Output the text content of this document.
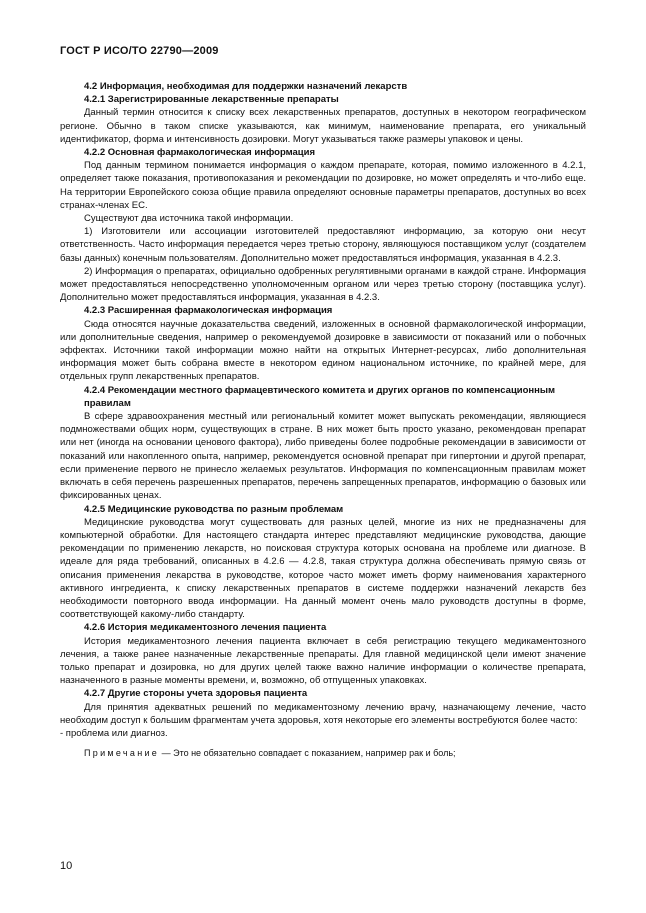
ГОСТ Р ИСО/ТО 22790—2009
4.2 Информация, необходимая для поддержки назначений лекарств
4.2.1 Зарегистрированные лекарственные препараты

Данный термин относится к списку всех лекарственных препаратов, доступных в некотором географическом регионе. Обычно в таком списке указываются, как минимум, наименование препарата, его уникальный идентификатор, форма и интенсивность дозировки. Могут указываться также размеры упаковок и цены.

4.2.2 Основная фармакологическая информация

Под данным термином понимается информация о каждом препарате, которая, помимо изложенного в 4.2.1, определяет также показания, противопоказания и рекомендации по дозировке, но может определять и что-либо еще. На территории Европейского союза общие правила определяют основные параметры препаратов, доступных во всех странах-членах ЕС.

Существуют два источника такой информации.

1) Изготовители или ассоциации изготовителей предоставляют информацию, за которую они несут ответственность. Часто информация передается через третью сторону, являющуюся поставщиком услуг (создателем базы данных) конечным пользователям. Дополнительно может предоставляться информация, указанная в 4.2.3.

2) Информация о препаратах, официально одобренных регулятивными органами в каждой стране. Информация может предоставляться непосредственно уполномоченным органом или через третью сторону (поставщика услуг). Дополнительно может предоставляться информация, указанная в 4.2.3.

4.2.3 Расширенная фармакологическая информация

Сюда относятся научные доказательства сведений, изложенных в основной фармакологической информации, или дополнительные сведения, например о рекомендуемой дозировке в зависимости от показаний или о побочных эффектах. Источники такой информации можно найти на открытых Интернет-ресурсах, либо дополнительная информация может быть собрана вместе в некотором едином национальном источнике, по крайней мере, для отдельных групп лекарственных препаратов.

4.2.4 Рекомендации местного фармацевтического комитета и других органов по компенсационным правилам

В сфере здравоохранения местный или региональный комитет может выпускать рекомендации, являющиеся подмножествами общих норм, существующих в стране. В них может быть просто указано, рекомендован препарат или нет (иногда на основании ценового фактора), либо приведены более подробные рекомендации в зависимости от показаний или накопленного опыта, например, рекомендуется основной препарат при гипертонии и другой препарат, если применение первого не принесло желаемых результатов. Информация по компенсационным правилам может включать в себя перечень разрешенных препаратов, перечень запрещенных препаратов, информацию о базовых или фиксированных ценах.

4.2.5 Медицинские руководства по разным проблемам

Медицинские руководства могут существовать для разных целей, многие из них не предназначены для компьютерной обработки. Для настоящего стандарта интерес представляют медицинские руководства, дающие рекомендации по применению лекарств, но поисковая структура которых основана на проблеме или диагнозе. В идеале для ряда требований, описанных в 4.2.6 — 4.2.8, такая структура должна обеспечивать прямую связь от описания применения лекарства в руководстве, которое часто может иметь форму наименования характерного активного ингредиента, к списку лекарственных препаратов в системе поддержки назначений лекарств без необходимости повторного ввода информации. На данный момент очень мало руководств доступны в форме, соответствующей какому-либо стандарту.

4.2.6 История медикаментозного лечения пациента

История медикаментозного лечения пациента включает в себя регистрацию текущего медикаментозного лечения, а также ранее назначенные лекарственные препараты. Для главной медицинской цели имеют значение только препарат и дозировка, но для других целей также важно наличие информации о количестве препарата, назначенного в разные моменты времени, и, возможно, об отпущенных упаковках.

4.2.7 Другие стороны учета здоровья пациента

Для принятия адекватных решений по медикаментозному лечению врачу, назначающему лечение, часто необходим доступ к большим фрагментам учета здоровья, хотя некоторые его элементы востребуются более часто:

- проблема или диагноз.

Примечание — Это не обязательно совпадает с показанием, например рак и боль;

10
